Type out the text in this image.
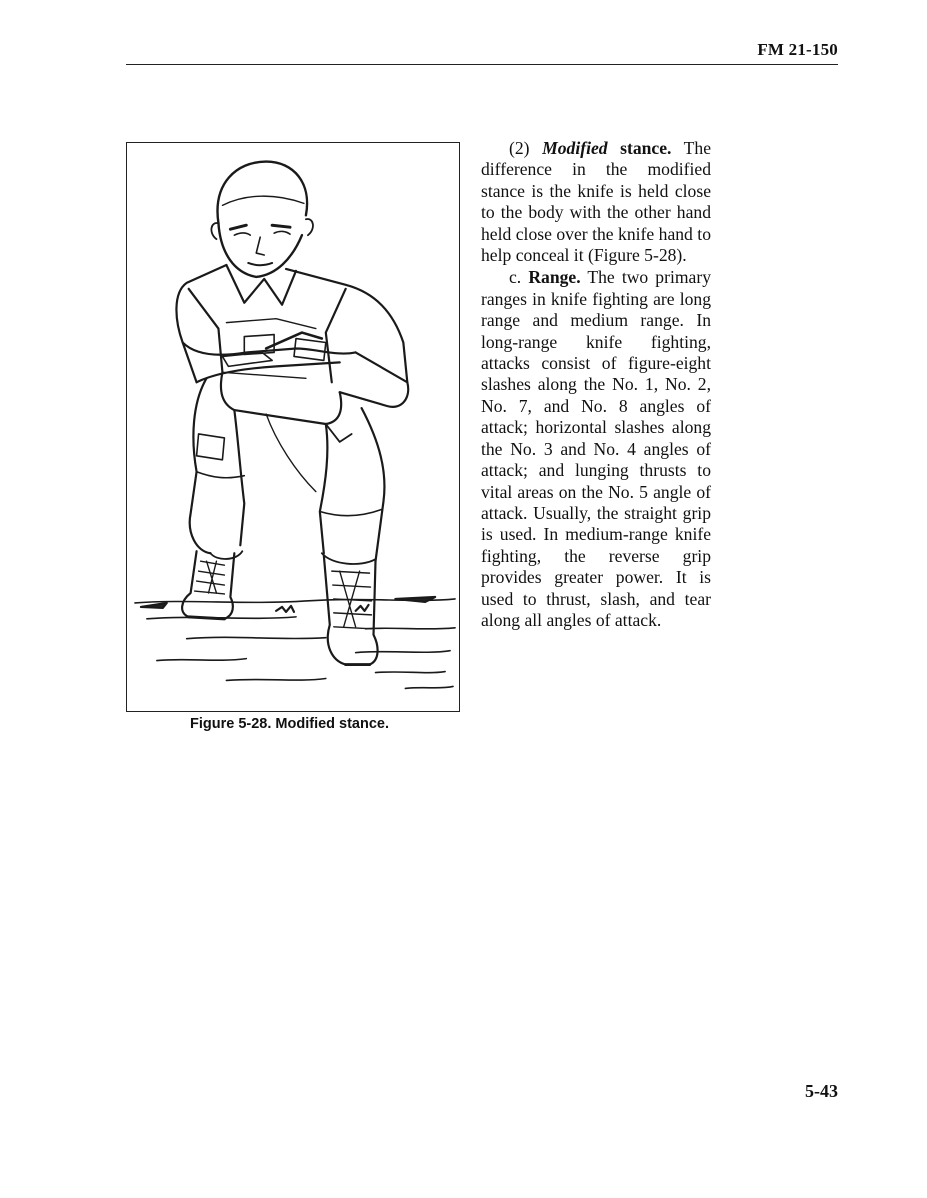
FM 21-150
Figure 5-28. Modified stance.

(2) Modified stance. The difference in the modified stance is the knife is held close to the body with the other hand held close over the knife hand to help conceal it (Figure 5-28).

c. Range. The two primary ranges in knife fighting are long range and medium range. In long-range knife fighting, attacks consist of figure-eight slashes along the No. 1, No. 2, No. 7, and No. 8 angles of attack; horizontal slashes along the No. 3 and No. 4 angles of attack; and lunging thrusts to vital areas on the No. 5 angle of attack. Usually, the straight grip is used. In medium-range knife fighting, the reverse grip provides greater power. It is used to thrust, slash, and tear along all angles of attack.

5-43
